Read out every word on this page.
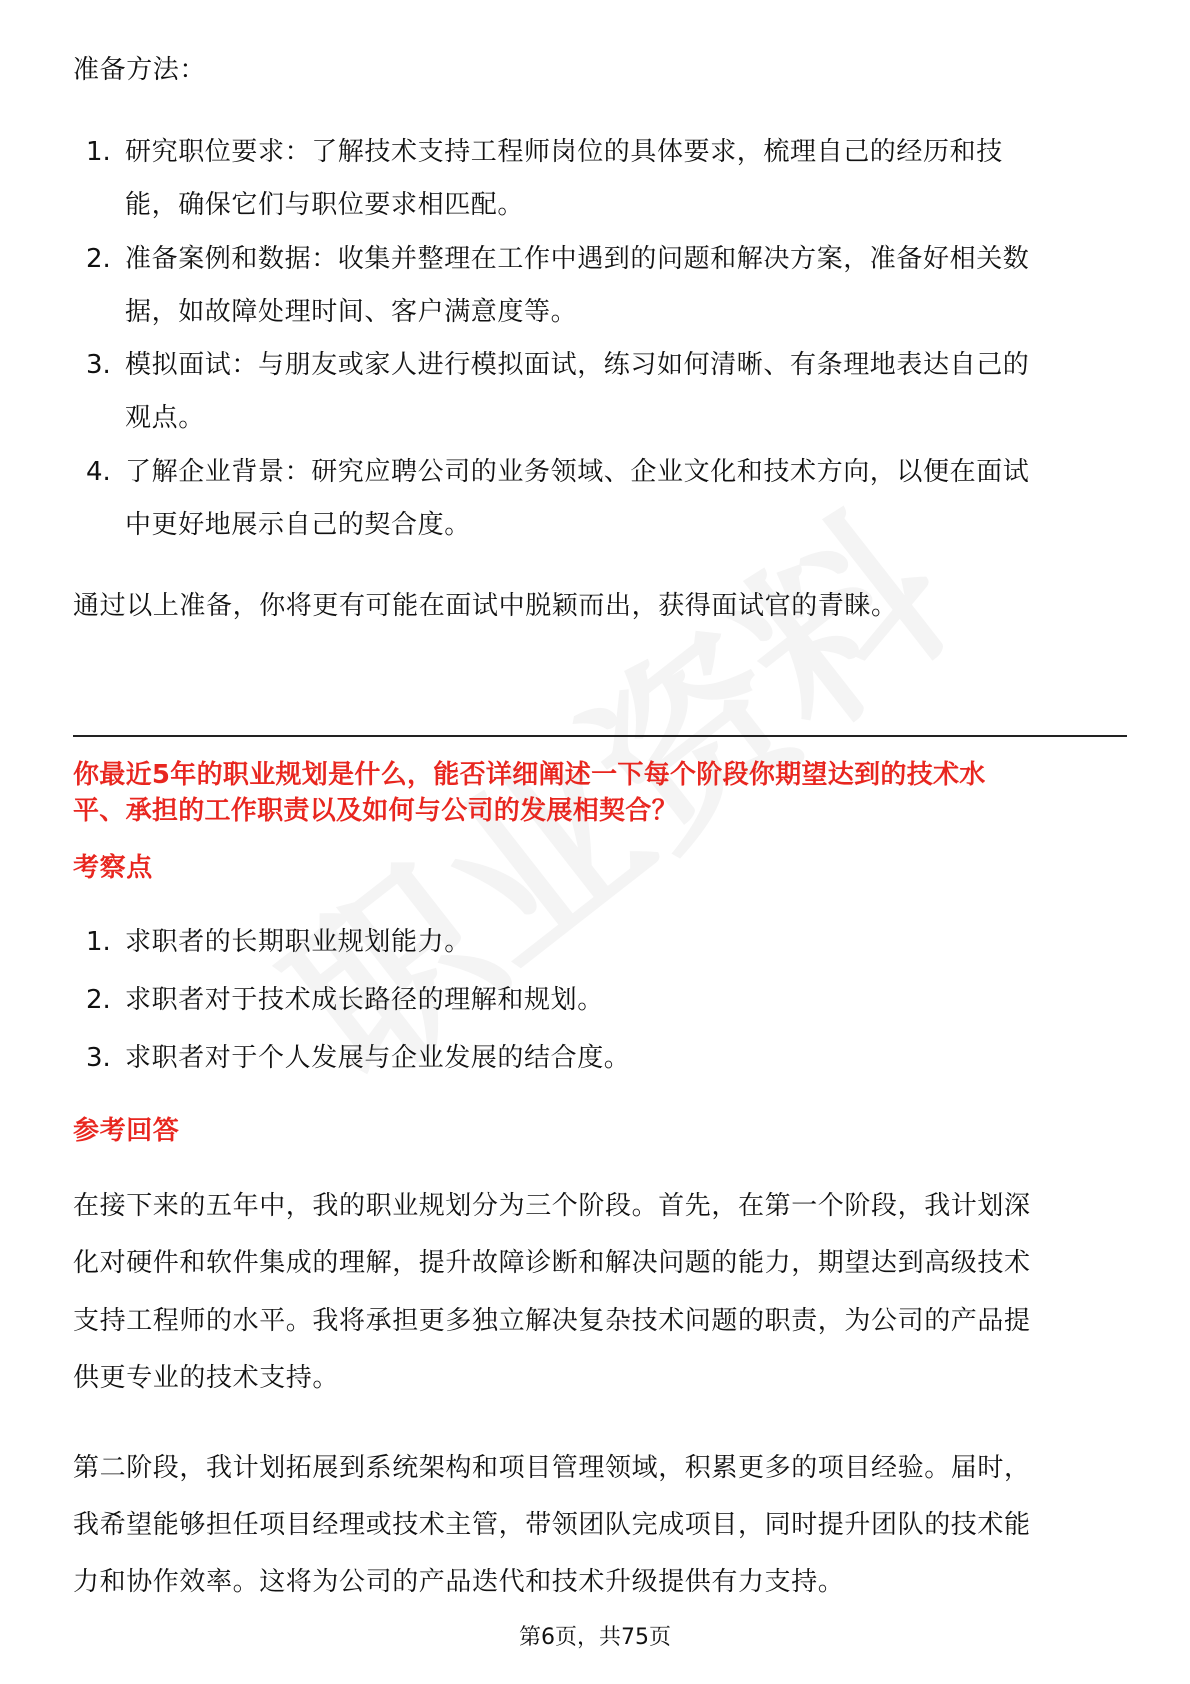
准备方法：
1. 研究职位要求：了解技术支持工程师岗位的具体要求，梳理自己的经历和技
能，确保它们与职位要求相匹配。
2. 准备案例和数据：收集并整理在工作中遇到的问题和解决方案，准备好相关数
据，如故障处理时间、客户满意度等。
3. 模拟面试：与朋友或家人进行模拟面试，练习如何清晰、有条理地表达自己的
观点。
4. 了解企业背景：研究应聘公司的业务领域、企业文化和技术方向，以便在面试
中更好地展示自己的契合度。
通过以上准备，你将更有可能在面试中脱颖而出，获得面试官的青睐。
你最近5年的职业规划是什么，能否详细阐述一下每个阶段你期望达到的技术水
平、承担的工作职责以及如何与公司的发展相契合？
考察点
1. 求职者的长期职业规划能力。
2. 求职者对于技术成长路径的理解和规划。
3. 求职者对于个人发展与企业发展的结合度。
参考回答
在接下来的五年中，我的职业规划分为三个阶段。首先，在第一个阶段，我计划深
化对硬件和软件集成的理解，提升故障诊断和解决问题的能力，期望达到高级技术
支持工程师的水平。我将承担更多独立解决复杂技术问题的职责，为公司的产品提
供更专业的技术支持。
第二阶段，我计划拓展到系统架构和项目管理领域，积累更多的项目经验。届时，
我希望能够担任项目经理或技术主管，带领团队完成项目，同时提升团队的技术能
力和协作效率。这将为公司的产品迭代和技术升级提供有力支持。
第6页，共75页
